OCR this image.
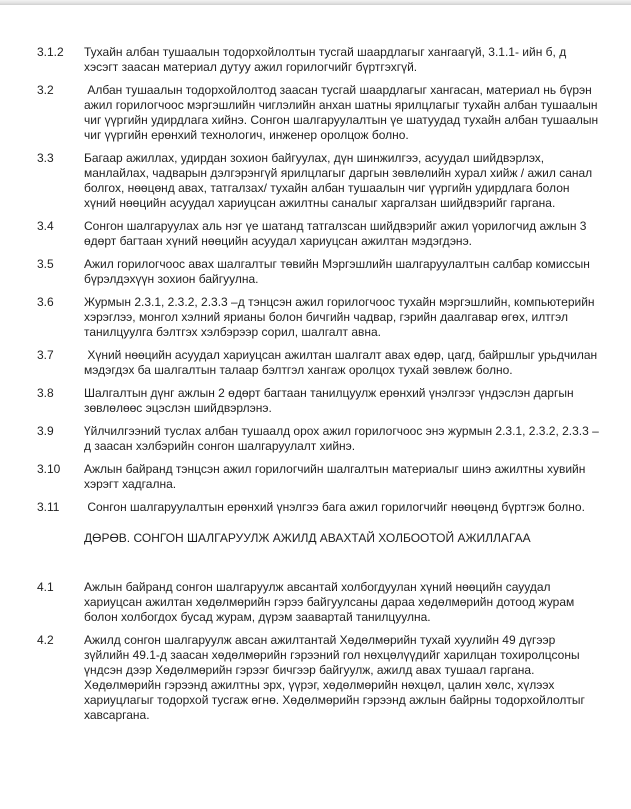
3.1.2	Тухайн албан тушаалын тодорхойлолтын тусгай шаардлагыг хангаагүй, 3.1.1- ийн б, д хэсэгт заасан материал дутуу ажил горилогчийг бүртгэхгүй.
3.2	Албан тушаалын тодорхойлолтод заасан тусгай шаардлагыг хангасан, материал нь бүрэн ажил горилогчоос мэргэшлийн чиглэлийн анхан шатны ярилцлагыг тухайн албан тушаалын чиг үүргийн удирдлага хийнэ. Сонгон шалгаруулалтын үе шатуудад тухайн албан тушаалын чиг үүргийн ерөнхий технологич, инженер оролцож болно.
3.3	Багаар ажиллах, удирдан зохион байгуулах, дүн шинжилгээ, асуудал шийдвэрлэх, манлайлах, чадварын дэлгэрэнгүй ярилцлагыг даргын зөвлөлийн хурал хийж / ажил санал болгох, нөөцөнд авах, татгалзах/ тухайн албан тушаалын чиг үүргийн удирдлага болон хүний нөөцийн асуудал хариуцсан ажилтны саналыг харгалзан шийдвэрийг гаргана.
3.4	Сонгон шалгаруулах аль нэг үе шатанд татгалзсан шийдвэрийг ажил үорилогчид ажлын 3 өдөрт багтаан хүний нөөцийн асуудал хариуцсан ажилтан мэдэгдэнэ.
3.5	Ажил горилогчоос авах шалгалтыг төвийн Мэргэшлийн шалгаруулалтын салбар комиссын бүрэлдэхүүн зохион байгуулна.
3.6	Журмын 2.3.1, 2.3.2, 2.3.3 –д тэнцсэн ажил горилогчоос тухайн мэргэшлийн, компьютерийн хэрэглээ, монгол хэлний ярианы болон бичгийн чадвар, гэрийн даалгавар өгөх, илтгэл танилцуулга бэлтгэх хэлбэрээр сорил, шалгалт авна.
3.7	Хүний нөөцийн асуудал хариуцсан ажилтан шалгалт авах өдөр, цагд, байршлыг урьдчилан мэдэгдэх ба шалгалтын талаар бэлтгэл хангаж оролцох тухай зөвлөж болно.
3.8	Шалгалтын дүнг ажлын 2 өдөрт багтаан танилцуулж ерөнхий үнэлгээг үндэслэн даргын зөвлөлөөс эцэслэн шийдвэрлэнэ.
3.9	Үйлчилгээний туслах албан тушаалд орох ажил горилогчоос энэ журмын 2.3.1, 2.3.2, 2.3.3 – д заасан хэлбэрийн сонгон шалгаруулалт хийнэ.
3.10	Ажлын байранд тэнцсэн ажил горилогчийн шалгалтын материалыг шинэ ажилтны хувийн хэрэгт хадгална.
3.11	Сонгон шалгаруулалтын ерөнхий үнэлгээ бага ажил горилогчийг нөөцөнд бүртгэж болно.
ДӨРӨВ. СОНГОН ШАЛГАРУУЛЖ АЖИЛД АВАХТАЙ ХОЛБООТОЙ АЖИЛЛАГАА
4.1	Ажлын байранд сонгон шалгаруулж авсантай холбогдуулан хүний нөөцийн сауудал хариуцсан ажилтан хөдөлмөрийн гэрээ байгуулсаны дараа хөдөлмөрийн дотоод журам болон холбогдох бусад журам, дүрэм заавартай танилцуулна.
4.2	Ажилд сонгон шалгаруулж авсан ажилтантай Хөдөлмөрийн тухай хуулийн 49 дүгээр зүйлийн 49.1-д заасан хөдөлмөрийн гэрээний гол нөхцөлүүдийг харилцан тохиролцсоны үндсэн дээр Хөдөлмөрийн гэрээг бичгээр байгуулж, ажилд авах тушаал гаргана. Хөдөлмөрийн гэрээнд ажилтны эрх, үүрэг, хөдөлмөрийн нөхцөл, цалин хөлс, хүлээх хариуцлагыг тодорхой тусгаж өгнө. Хөдөлмөрийн гэрээнд ажлын байрны тодорхойлолтыг хавсаргана.
